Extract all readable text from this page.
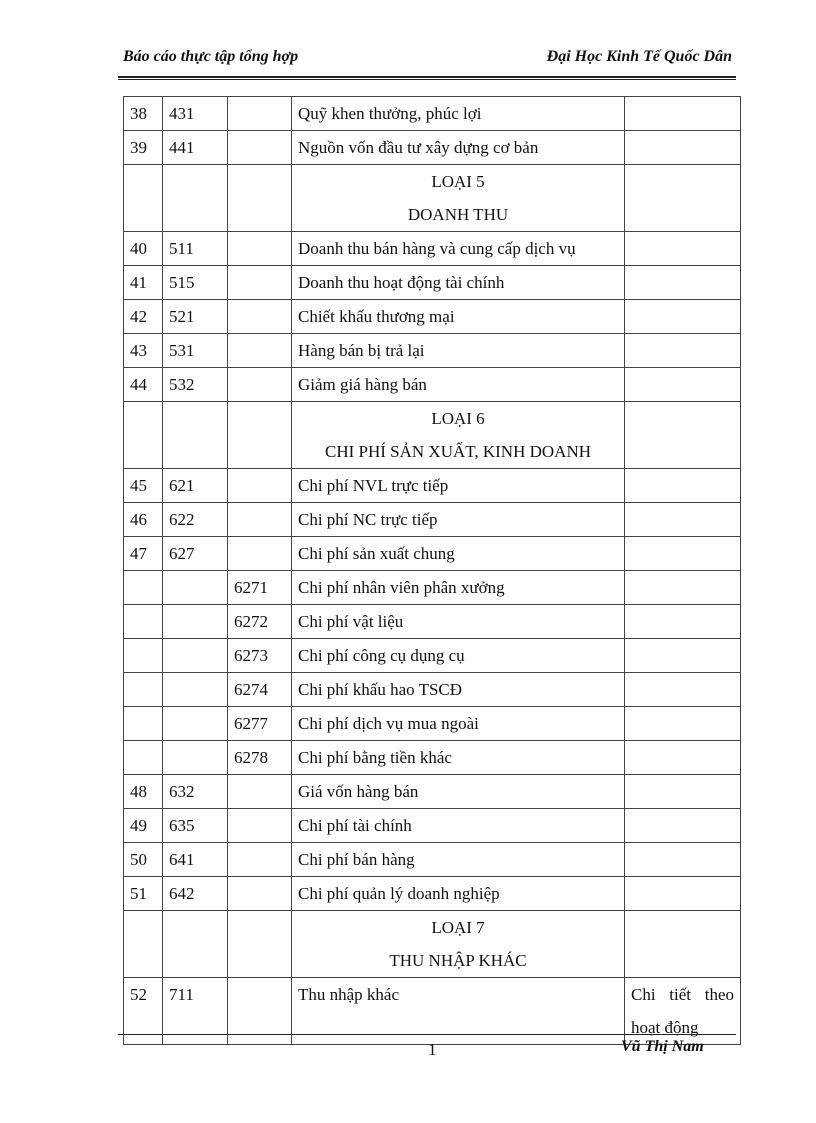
Báo cáo thực tập tổng hợp	Đại Học Kinh Tế Quốc Dân
38	431		Quỹ khen thưởng, phúc lợi	
39	441		Nguồn vốn đầu tư xây dựng cơ bản	

			LOẠI 5
DOANH THU	

40	511		Doanh thu bán hàng và cung cấp dịch vụ	
41	515		Doanh thu hoạt động tài chính	
42	521		Chiết khấu thương mại	
43	531		Hàng bán bị trả lại	
44	532		Giảm giá hàng bán	

			LOẠI 6
CHI PHÍ SẢN XUẤT, KINH DOANH	

45	621		Chi phí NVL trực tiếp	
46	622		Chi phí NC trực tiếp	
47	627		Chi phí sản xuất chung	
		6271	Chi phí nhân viên phân xưởng	
		6272	Chi phí vật liệu	
		6273	Chi phí công cụ dụng cụ	
		6274	Chi phí khấu hao TSCĐ	
		6277	Chi phí dịch vụ mua ngoài	
		6278	Chi phí bằng tiền khác	
48	632		Giá vốn hàng bán	
49	635		Chi phí tài chính	
50	641		Chi phí bán hàng	
51	642		Chi phí quản lý doanh nghiệp	

			LOẠI 7
THU NHẬP KHÁC	

52	711		Thu nhập khác	Chi tiết theo
hoạt động
1	Vũ Thị Nam
